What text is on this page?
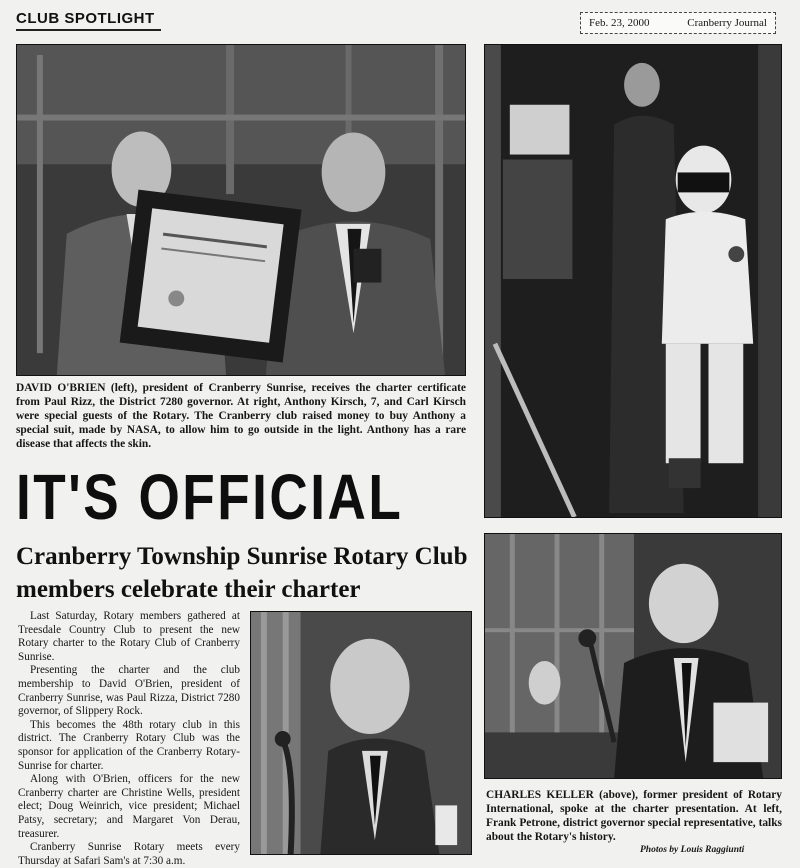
CLUB SPOTLIGHT	Feb. 23, 2000	Cranberry Journal
DAVID O'BRIEN (left), president of Cranberry Sunrise, receives the charter certificate from Paul Rizz, the District 7280 governor. At right, Anthony Kirsch, 7, and Carl Kirsch were special guests of the Rotary. The Cranberry club raised money to buy Anthony a special suit, made by NASA, to allow him to go outside in the light. Anthony has a rare disease that affects the skin.
IT'S OFFICIAL
Cranberry Township Sunrise Rotary Club members celebrate their charter

Last Saturday, Rotary members gathered at Treesdale Country Club to present the new Rotary charter to the Rotary Club of Cranberry Sunrise.

Presenting the charter and the club membership to David O'Brien, president of Cranberry Sunrise, was Paul Rizza, District 7280 governor, of Slippery Rock.

This becomes the 48th rotary club in this district. The Cranberry Rotary Club was the sponsor for application of the Cranberry Rotary-Sunrise for charter.

Along with O'Brien, officers for the new Cranberry charter are Christine Wells, president elect; Doug Weinrich, vice president; Michael Patsy, secretary; and Margaret Von Derau, treasurer.

Cranberry Sunrise Rotary meets every Thursday at Safari Sam's at 7:30 a.m.

CHARLES KELLER (above), former president of Rotary International, spoke at the charter presentation. At left, Frank Petrone, district governor special representative, talks about the Rotary's history.
Photos by Louis Raggiunti
